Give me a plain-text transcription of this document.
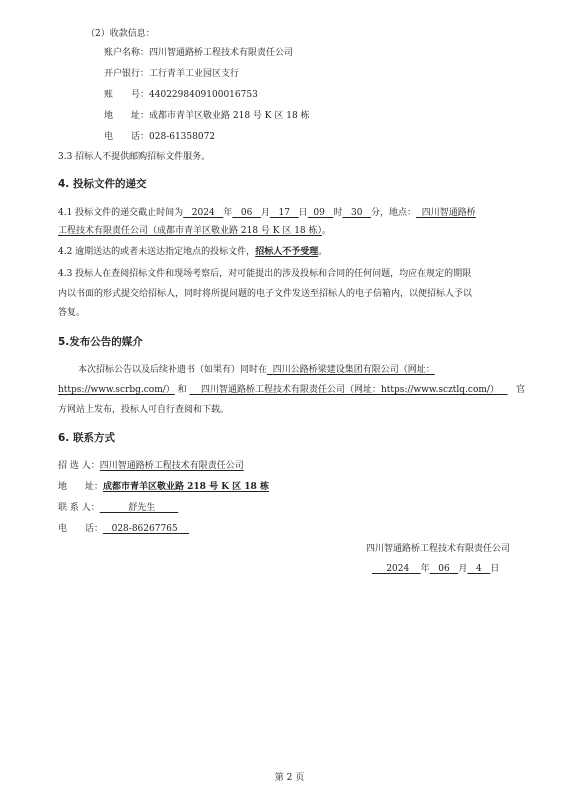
（2）收款信息：
账户名称：四川智通路桥工程技术有限责任公司
开户银行：工行青羊工业园区支行
账　　号：4402298409100016753
地　　址：成都市青羊区敬业路 218 号 K 区 18 栋
电　　话：028-61358072
3.3 招标人不提供邮购招标文件服务。
4. 投标文件的递交
4.1 投标文件的递交截止时间为 2024 年 06 月 17 日 09 时 30 分，地点： 四川智通路桥
工程技术有限责任公司（成都市青羊区敬业路 218 号 K 区 18 栋）。
4.2 逾期送达的或者未送达指定地点的投标文件，招标人不予受理。
4.3 投标人在查阅招标文件和现场考察后，对可能提出的涉及投标和合同的任何问题，均应在规定的期限
内以书面的形式提交给招标人，同时将所提问题的电子文件发送至招标人的电子信箱内，以便招标人予以
答复。
5.发布公告的媒介
本次招标公告以及后续补遗书（如果有）同时在 四川公路桥梁建设集团有限公司（网址：
https://www.scrbg.com/） 和 四川智通路桥工程技术有限责任公司（网址：https://www.scztlq.com/） 官
方网站上发布，投标人可自行查阅和下载。
6. 联系方式
招 选 人：四川智通路桥工程技术有限责任公司
地　　址：成都市青羊区敬业路 218 号 K 区 18 栋
联 系 人：	舒先生
电　　话： 028-86267765
四川智通路桥工程技术有限责任公司
2024 年 06 月 4 日
第 2 页
